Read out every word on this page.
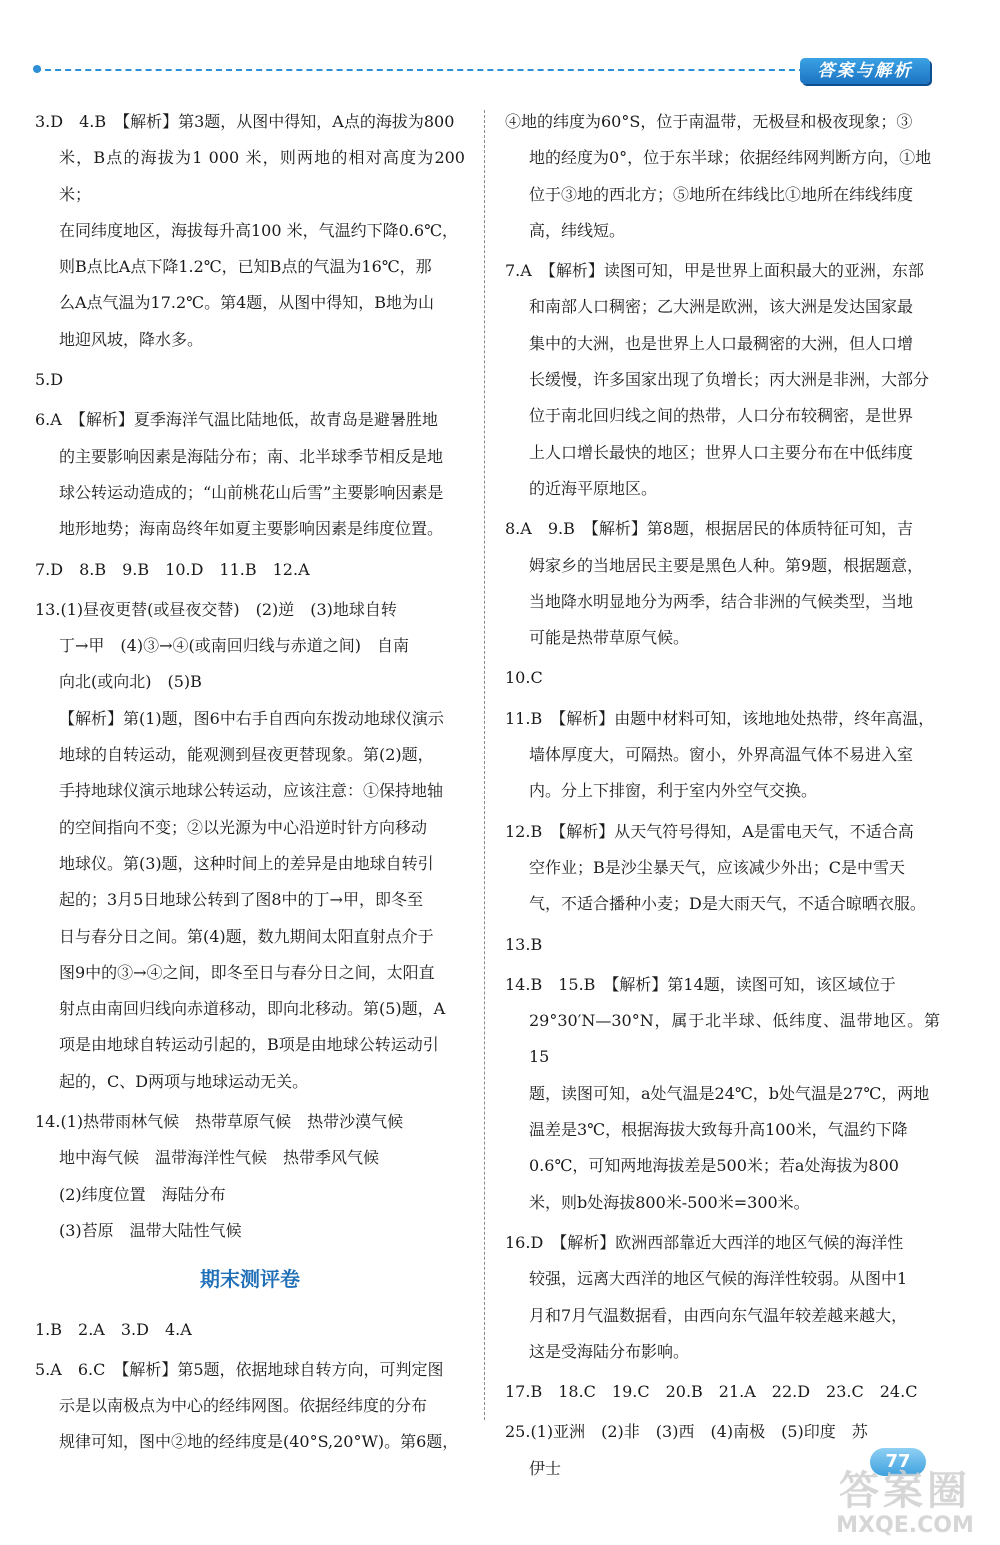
答案与解析

3.D　4.B　【解析】第3题，从图中得知，A点的海拔为800

米，B点的海拔为1 000 米，则两地的相对高度为200 米；

在同纬度地区，海拔每升高100 米，气温约下降0.6℃，

则B点比A点下降1.2℃，已知B点的气温为16℃，那

么A点气温为17.2℃。第4题，从图中得知，B地为山

地迎风坡，降水多。

5.D

6.A　【解析】夏季海洋气温比陆地低，故青岛是避暑胜地

的主要影响因素是海陆分布；南、北半球季节相反是地

球公转运动造成的；“山前桃花山后雪”主要影响因素是

地形地势；海南岛终年如夏主要影响因素是纬度位置。

7.D　8.B　9.B　10.D　11.B　12.A

13.(1)昼夜更替(或昼夜交替)　(2)逆　(3)地球自转

丁→甲　(4)③→④(或南回归线与赤道之间)　自南

向北(或向北)　(5)B

【解析】第(1)题，图6中右手自西向东拨动地球仪演示

地球的自转运动，能观测到昼夜更替现象。第(2)题，

手持地球仪演示地球公转运动，应该注意：①保持地轴

的空间指向不变；②以光源为中心沿逆时针方向移动

地球仪。第(3)题，这种时间上的差异是由地球自转引

起的；3月5日地球公转到了图8中的丁→甲，即冬至

日与春分日之间。第(4)题，数九期间太阳直射点介于

图9中的③→④之间，即冬至日与春分日之间，太阳直

射点由南回归线向赤道移动，即向北移动。第(5)题，A

项是由地球自转运动引起的，B项是由地球公转运动引

起的，C、D两项与地球运动无关。

14.(1)热带雨林气候　热带草原气候　热带沙漠气候

地中海气候　温带海洋性气候　热带季风气候

(2)纬度位置　海陆分布

(3)苔原　温带大陆性气候

期末测评卷

1.B　2.A　3.D　4.A

5.A　6.C　【解析】第5题，依据地球自转方向，可判定图

示是以南极点为中心的经纬网图。依据经纬度的分布

规律可知，图中②地的经纬度是(40°S,20°W)。第6题，

④地的纬度为60°S，位于南温带，无极昼和极夜现象；③

地的经度为0°，位于东半球；依据经纬网判断方向，①地

位于③地的西北方；⑤地所在纬线比①地所在纬线纬度

高，纬线短。

7.A　【解析】读图可知，甲是世界上面积最大的亚洲，东部

和南部人口稠密；乙大洲是欧洲，该大洲是发达国家最

集中的大洲，也是世界上人口最稠密的大洲，但人口增

长缓慢，许多国家出现了负增长；丙大洲是非洲，大部分

位于南北回归线之间的热带，人口分布较稠密，是世界

上人口增长最快的地区；世界人口主要分布在中低纬度

的近海平原地区。

8.A　9.B　【解析】第8题，根据居民的体质特征可知，吉

姆家乡的当地居民主要是黑色人种。第9题，根据题意，

当地降水明显地分为两季，结合非洲的气候类型，当地

可能是热带草原气候。

10.C

11.B　【解析】由题中材料可知，该地地处热带，终年高温，

墙体厚度大，可隔热。窗小，外界高温气体不易进入室

内。分上下排窗，利于室内外空气交换。

12.B　【解析】从天气符号得知，A是雷电天气，不适合高

空作业；B是沙尘暴天气，应该减少外出；C是中雪天

气，不适合播种小麦；D是大雨天气，不适合晾晒衣服。

13.B

14.B　15.B　【解析】第14题，读图可知，该区域位于

29°30′N—30°N，属于北半球、低纬度、温带地区。第15

题，读图可知，a处气温是24℃，b处气温是27℃，两地

温差是3℃，根据海拔大致每升高100米，气温约下降

0.6℃，可知两地海拔差是500米；若a处海拔为800

米，则b处海拔800米-500米=300米。

16.D　【解析】欧洲西部靠近大西洋的地区气候的海洋性

较强，远离大西洋的地区气候的海洋性较弱。从图中1

月和7月气温数据看，由西向东气温年较差越来越大，

这是受海陆分布影响。

17.B　18.C　19.C　20.B　21.A　22.D　23.C　24.C

25.(1)亚洲　(2)非　(3)西　(4)南极　(5)印度　苏

伊士	77
答案圈
MXQE.COM
